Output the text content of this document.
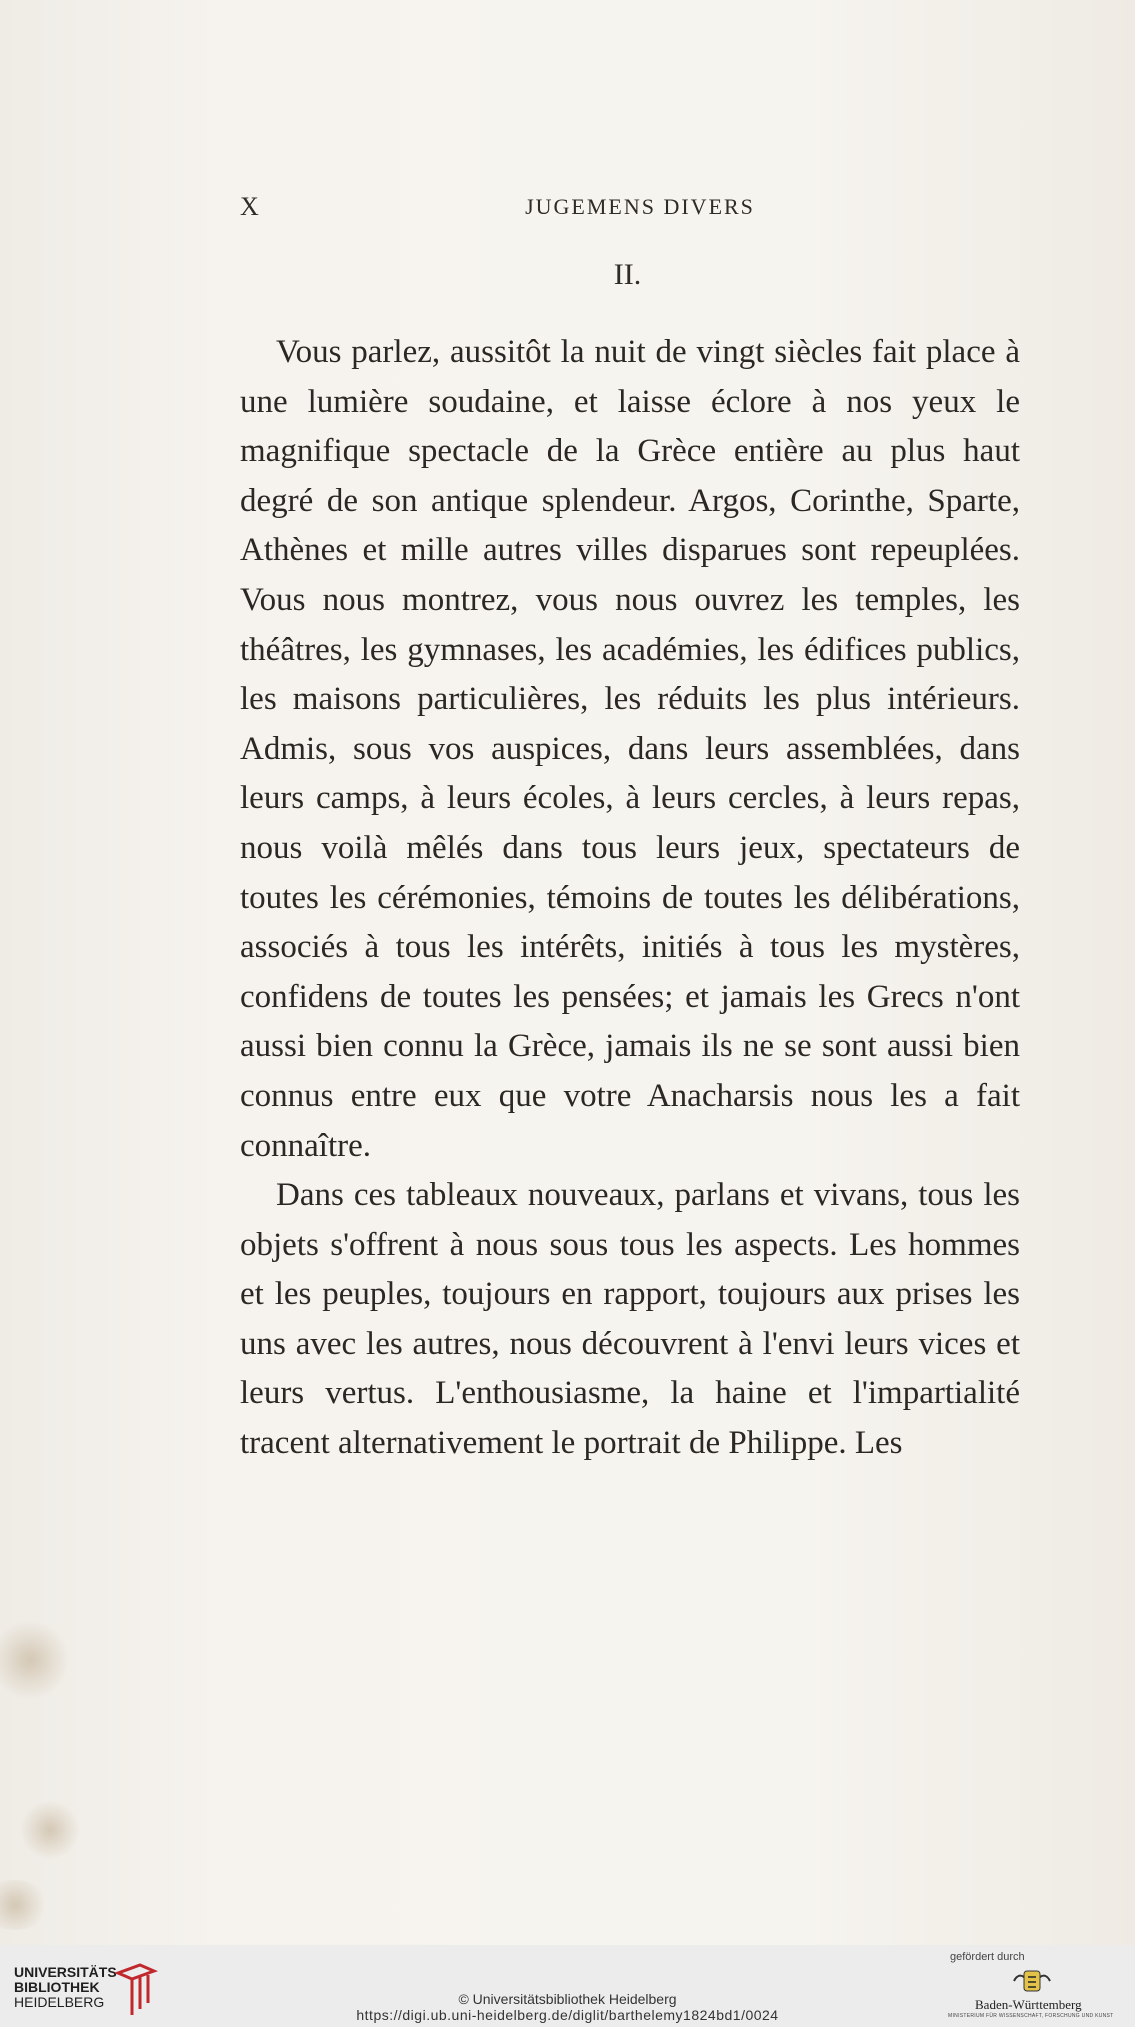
X	JUGEMENS DIVERS
II.

Vous parlez, aussitôt la nuit de vingt siècles fait place à une lumière soudaine, et laisse éclore à nos yeux le magnifique spectacle de la Grèce entière au plus haut degré de son antique splendeur. Argos, Corinthe, Sparte, Athènes et mille autres villes disparues sont repeuplées. Vous nous montrez, vous nous ouvrez les temples, les théâtres, les gymnases, les académies, les édifices publics, les maisons particulières, les réduits les plus intérieurs. Admis, sous vos auspices, dans leurs assemblées, dans leurs camps, à leurs écoles, à leurs cercles, à leurs repas, nous voilà mêlés dans tous leurs jeux, spectateurs de toutes les cérémonies, témoins de toutes les délibérations, associés à tous les intérêts, initiés à tous les mystères, confidens de toutes les pensées; et jamais les Grecs n'ont aussi bien connu la Grèce, jamais ils ne se sont aussi bien connus entre eux que votre Anacharsis nous les a fait connaître.

Dans ces tableaux nouveaux, parlans et vivans, tous les objets s'offrent à nous sous tous les aspects. Les hommes et les peuples, toujours en rapport, toujours aux prises les uns avec les autres, nous découvrent à l'envi leurs vices et leurs vertus. L'enthousiasme, la haine et l'impartialité tracent alternativement le portrait de Philippe. Les

UNIVERSITÄTS-
BIBLIOTHEK
HEIDELBERG	© Universitätsbibliothek Heidelberg
https://digi.ub.uni-heidelberg.de/diglit/barthelemy1824bd1/0024
gefördert durch
Baden-Württemberg
MINISTERIUM FÜR WISSENSCHAFT, FORSCHUNG UND KUNST
